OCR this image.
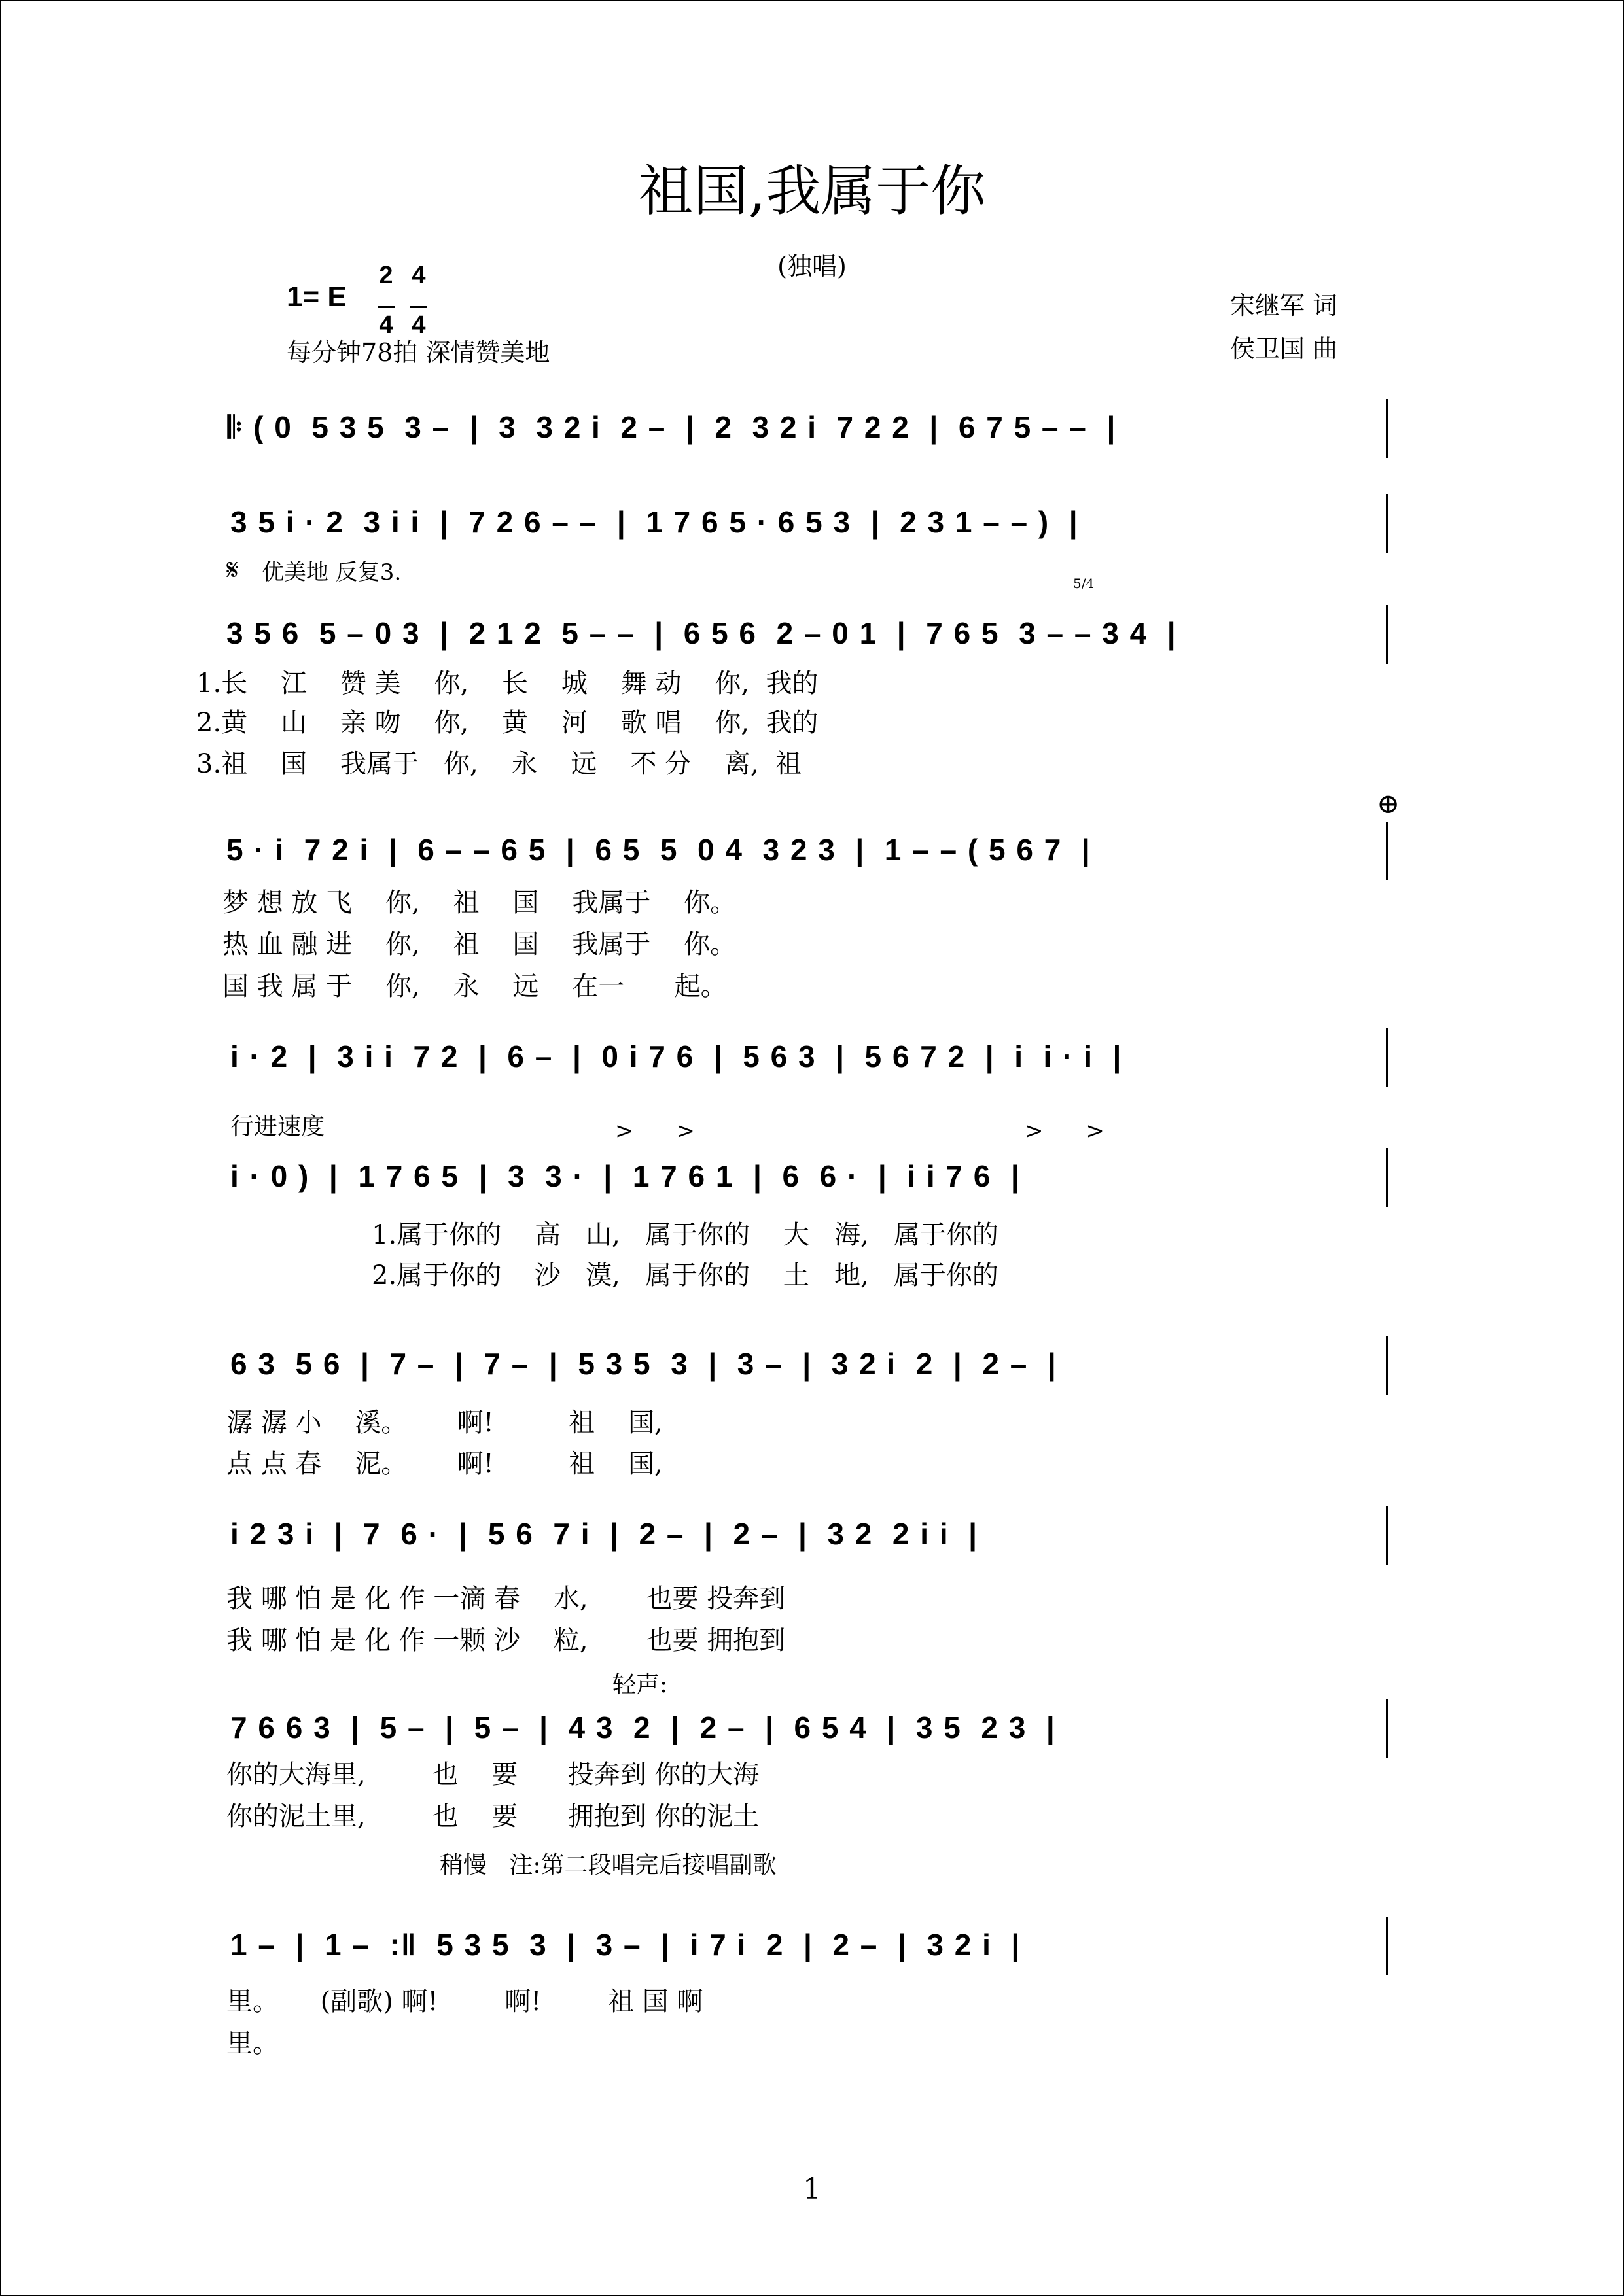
祖国,我属于你
(独唱)
1= E
2

4
4

4
每分钟78拍 深情赞美地
宋继军 词
侯卫国 曲
𝄆 ( 0  5 3 5  3 –  |  3  3 2 i  2 –  |  2  3 2 i  7 2 2  |  6 7 5 – –  |
3 5 i · 2  3 i i  |  7 2 6 – –  |  1 7 6 5 · 6 5 3  |  2 3 1 – – )  |
𝄋 优美地 反复3.	5/4
3 5 6  5 – 0 3  |  2 1 2  5 – –  |  6 5 6  2 – 0 1  |  7 6 5  3 – – 3 4  |
1.长    江    赞 美    你,    长    城    舞 动    你,  我的
2.黄    山    亲 吻    你,    黄    河    歌 唱    你,  我的
3.祖    国    我属于   你,    永    远    不 分    离,  祖
⊕
5 · i  7 2 i  |  6 – – 6 5  |  6 5  5  0 4  3 2 3  |  1 – – ( 5 6 7  |
梦 想 放 飞    你,    祖    国    我属于    你。
热 血 融 进    你,    祖    国    我属于    你。
国 我 属 于    你,    永    远    在一      起。
i · 2  |  3 i i  7 2  |  6 –  |  0 i 7 6  |  5 6 3  |  5 6 7 2  |  i  i · i  |
行进速度	>      >	>      >
i · 0 )  |  1 7 6 5  |  3  3 ·  |  1 7 6 1  |  6  6 ·  |  i i 7 6  |
1.属于你的    高   山,   属于你的    大   海,   属于你的
2.属于你的    沙   漠,   属于你的    土   地,   属于你的
6 3  5 6  |  7 –  |  7 –  |  5 3 5  3  |  3 –  |  3 2 i  2  |  2 –  |
潺 潺 小    溪。      啊!         祖    国,
点 点 春    泥。      啊!         祖    国,
i 2 3 i  |  7  6 ·  |  5 6  7 i  |  2 –  |  2 –  |  3 2  2 i i  |
我 哪 怕 是 化 作 一滴 春    水,       也要 投奔到
我 哪 怕 是 化 作 一颗 沙    粒,       也要 拥抱到
轻声:
7 6 6 3  |  5 –  |  5 –  |  4 3  2  |  2 –  |  6 5 4  |  3 5  2 3  |
你的大海里,        也    要      投奔到 你的大海
你的泥土里,        也    要      拥抱到 你的泥土
稍慢   注:第二段唱完后接唱副歌
1 –  |  1 –  :‖  5 3 5  3  |  3 –  |  i 7 i  2  |  2 –  |  3 2 i  |
里。     (副歌) 啊!        啊!        祖 国 啊
里。
1
